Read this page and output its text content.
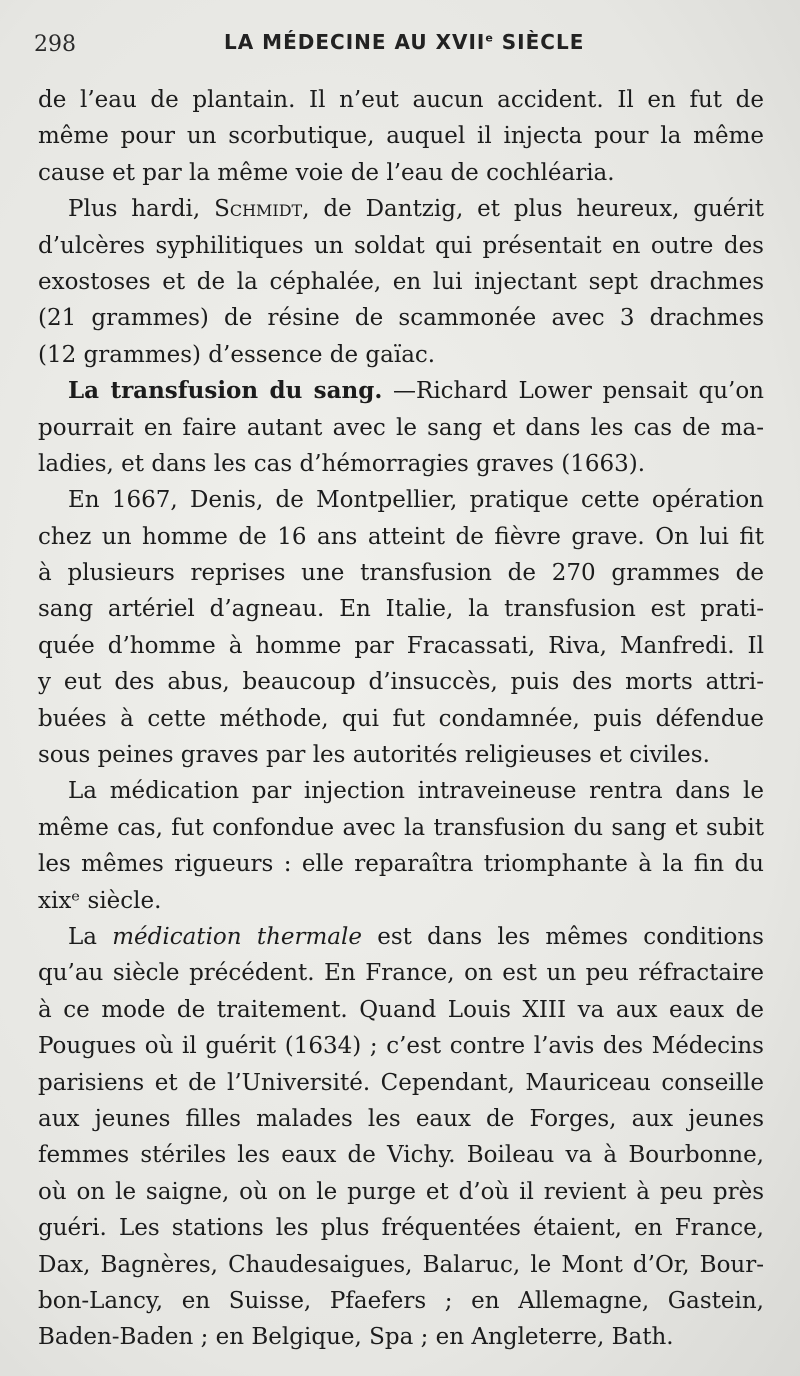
298	LA MÉDECINE AU XVIIe SIÈCLE
de l’eau de plantain. Il n’eut aucun accident. Il en fut de
même pour un scorbutique, auquel il injecta pour la même
cause et par la même voie de l’eau de cochléaria.
Plus hardi, Schmidt, de Dantzig, et plus heureux, guérit
d’ulcères syphilitiques un soldat qui présentait en outre des
exostoses et de la céphalée, en lui injectant sept drachmes
(21 grammes) de résine de scammonée avec 3 drachmes
(12 grammes) d’essence de gaïac.
La transfusion du sang. —Richard Lower pensait qu’on
pourrait en faire autant avec le sang et dans les cas de ma-
ladies, et dans les cas d’hémorragies graves (1663).
En 1667, Denis, de Montpellier, pratique cette opération
chez un homme de 16 ans atteint de fièvre grave. On lui fit
à plusieurs reprises une transfusion de 270 grammes de
sang artériel d’agneau. En Italie, la transfusion est prati-
quée d’homme à homme par Fracassati, Riva, Manfredi. Il
y eut des abus, beaucoup d’insuccès, puis des morts attri-
buées à cette méthode, qui fut condamnée, puis défendue
sous peines graves par les autorités religieuses et civiles.
La médication par injection intraveineuse rentra dans le
même cas, fut confondue avec la transfusion du sang et subit
les mêmes rigueurs : elle reparaîtra triomphante à la fin du
xixᵉ siècle.
La médication thermale est dans les mêmes conditions
qu’au siècle précédent. En France, on est un peu réfractaire
à ce mode de traitement. Quand Louis XIII va aux eaux de
Pougues où il guérit (1634) ; c’est contre l’avis des Médecins
parisiens et de l’Université. Cependant, Mauriceau conseille
aux jeunes filles malades les eaux de Forges, aux jeunes
femmes stériles les eaux de Vichy. Boileau va à Bourbonne,
où on le saigne, où on le purge et d’où il revient à peu près
guéri. Les stations les plus fréquentées étaient, en France,
Dax, Bagnères, Chaudesaigues, Balaruc, le Mont d’Or, Bour-
bon-Lancy, en Suisse, Pfaefers ; en Allemagne, Gastein,
Baden-Baden ; en Belgique, Spa ; en Angleterre, Bath.
